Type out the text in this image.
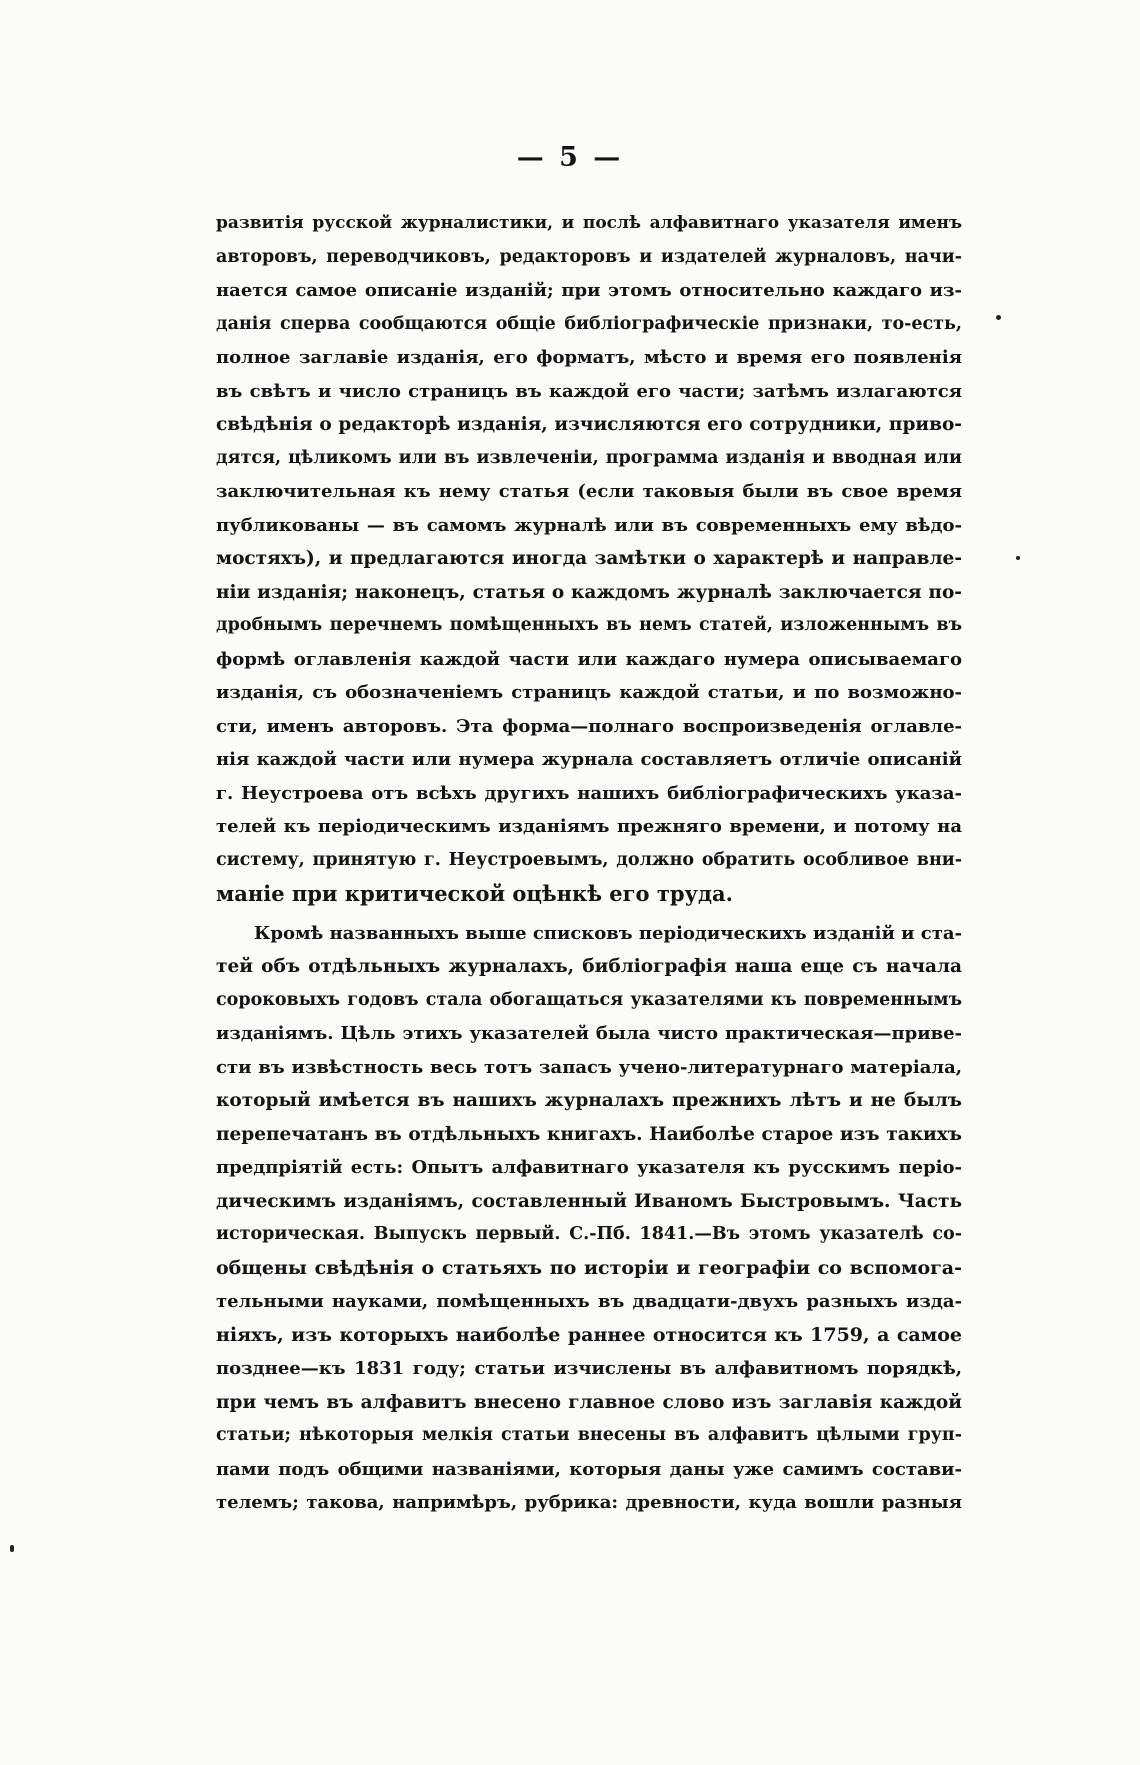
— 5 —
развитія русской журналистики, и послѣ алфавитнаго указателя именъ
авторовъ, переводчиковъ, редакторовъ и издателей журналовъ, начи-
нается самое описаніе изданій; при этомъ относительно каждаго из-
данія сперва сообщаются общіе библіографическіе признаки, то-есть,
полное заглавіе изданія, его форматъ, мѣсто и время его появленія
въ свѣтъ и число страницъ въ каждой его части; затѣмъ излагаются
свѣдѣнія о редакторѣ изданія, изчисляются его сотрудники, приво-
дятся, цѣликомъ или въ извлеченіи, программа изданія и вводная или
заключительная къ нему статья (если таковыя были въ свое время
публикованы — въ самомъ журналѣ или въ современныхъ ему вѣдо-
мостяхъ), и предлагаются иногда замѣтки о характерѣ и направле-
ніи изданія; наконецъ, статья о каждомъ журналѣ заключается по-
дробнымъ перечнемъ помѣщенныхъ въ немъ статей, изложеннымъ въ
формѣ оглавленія каждой части или каждаго нумера описываемаго
изданія, съ обозначеніемъ страницъ каждой статьи, и по возможно-
сти, именъ авторовъ. Эта форма—полнаго воспроизведенія оглавле-
нія каждой части или нумера журнала составляетъ отличіе описаній
г. Неустроева отъ всѣхъ другихъ нашихъ библіографическихъ указа-
телей къ періодическимъ изданіямъ прежняго времени, и потому на
систему, принятую г. Неустроевымъ, должно обратить особливое вни-
маніе при критической оцѣнкѣ его труда.
Кромѣ названныхъ выше списковъ періодическихъ изданій и ста-
тей объ отдѣльныхъ журналахъ, библіографія наша еще съ начала
сороковыхъ годовъ стала обогащаться указателями къ повременнымъ
изданіямъ. Цѣль этихъ указателей была чисто практическая—приве-
сти въ извѣстность весь тотъ запасъ учено-литературнаго матеріала,
который имѣется въ нашихъ журналахъ прежнихъ лѣтъ и не былъ
перепечатанъ въ отдѣльныхъ книгахъ. Наиболѣе старое изъ такихъ
предпріятій есть: Опытъ алфавитнаго указателя къ русскимъ періо-
дическимъ изданіямъ, составленный Иваномъ Быстровымъ. Часть
историческая. Выпускъ первый. С.-Пб. 1841.—Въ этомъ указателѣ со-
общены свѣдѣнія о статьяхъ по исторіи и географіи со вспомога-
тельными науками, помѣщенныхъ въ двадцати-двухъ разныхъ изда-
ніяхъ, изъ которыхъ наиболѣе раннее относится къ 1759, а самое
позднее—къ 1831 году; статьи изчислены въ алфавитномъ порядкѣ,
при чемъ въ алфавитъ внесено главное слово изъ заглавія каждой
статьи; нѣкоторыя мелкія статьи внесены въ алфавитъ цѣлыми груп-
пами подъ общими названіями, которыя даны уже самимъ состави-
телемъ; такова, напримѣръ, рубрика: древности, куда вошли разныя
